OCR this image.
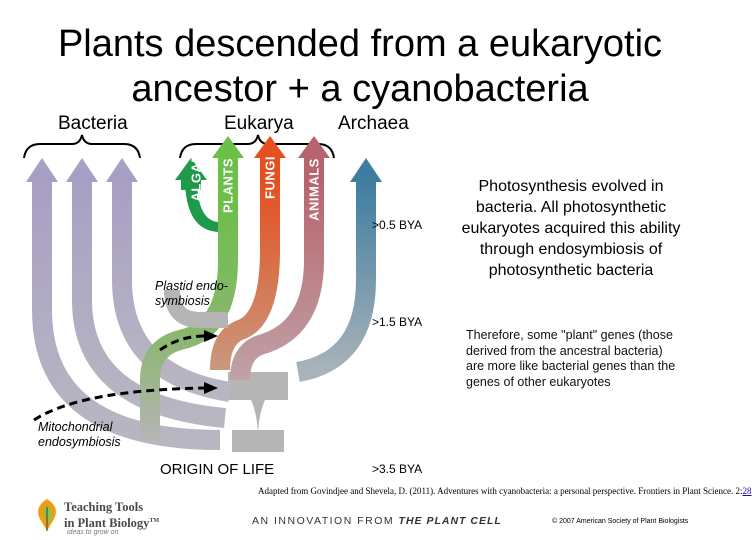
Plants descended from a eukaryotic ancestor + a cyanobacteria
Bacteria	Eukarya Archaea
ALGAE PLANTS FUNGI ANIMALS
Plastid endo-symbiosis
Mitochondrial endosymbiosis
ORIGIN OF LIFE
>0.5 BYA
>1.5 BYA
>3.5 BYA
Photosynthesis evolved in bacteria. All photosynthetic eukaryotes acquired this ability through endosymbiosis of photosynthetic bacteria
Therefore, some "plant" genes (those derived from the ancestral bacteria) are more like bacterial genes than the genes of other eukaryotes
Adapted from Govindjee and Shevela, D. (2011). Adventures with cyanobacteria: a personal perspective. Frontiers in Plant Science. 2:28
Teaching Tools
in Plant Biology™
ideas to grow on
AN INNOVATION FROM THE PLANT CELL	© 2007 American Society of Plant Biologists
